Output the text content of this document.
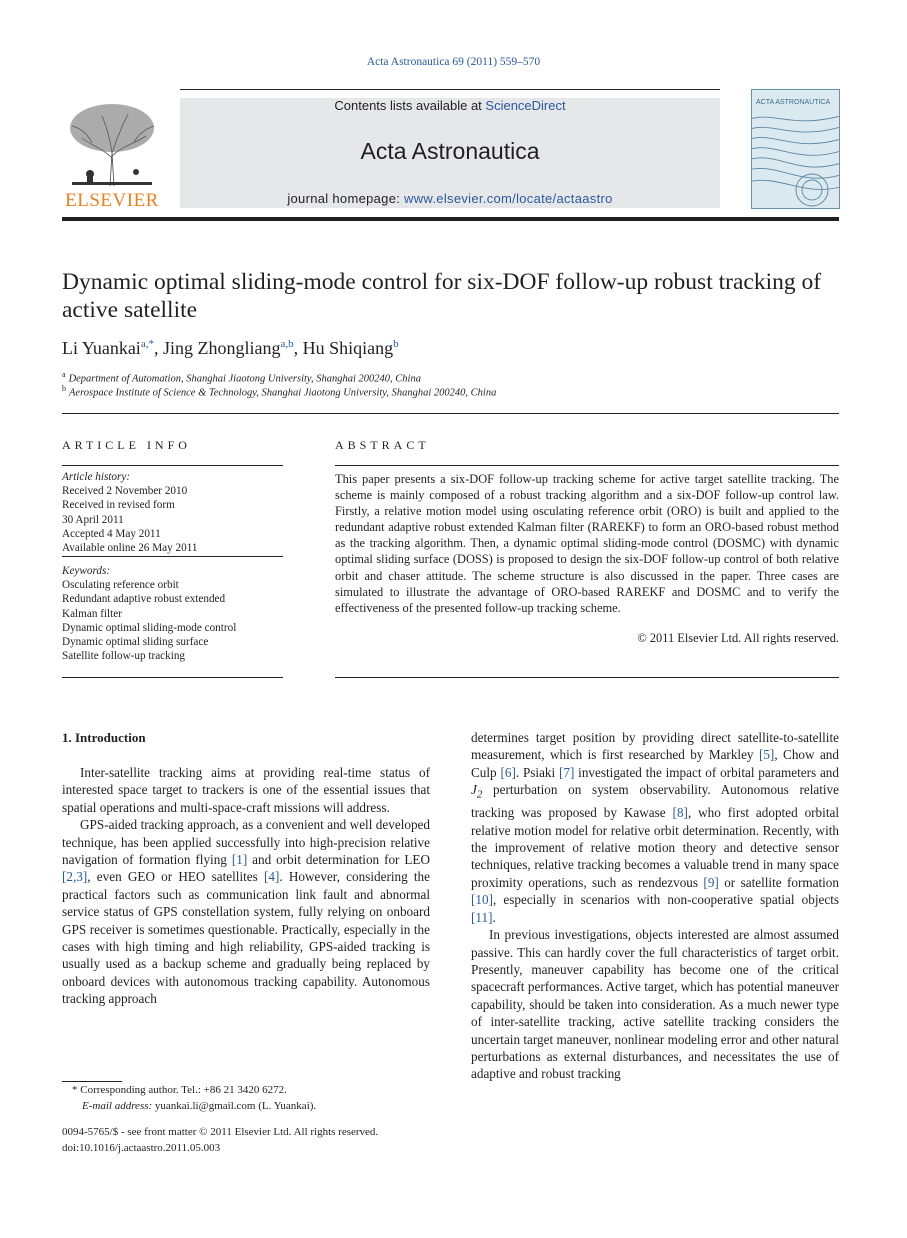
Acta Astronautica 69 (2011) 559–570
ELSEVIER
Contents lists available at ScienceDirect
Acta Astronautica
journal homepage: www.elsevier.com/locate/actaastro
ACTA ASTRONAUTICA
Dynamic optimal sliding-mode control for six-DOF follow-up robust tracking of active satellite
Li Yuankai$^{a,*}$, Jing Zhongliang$^{a,b}$, Hu Shiqiang$^b$
$^a$ Department of Automation, Shanghai Jiaotong University, Shanghai 200240, China
$^b$ Aerospace Institute of Science & Technology, Shanghai Jiaotong University, Shanghai 200240, China
ARTICLE INFO
Article history:
Received 2 November 2010
Received in revised form
30 April 2011
Accepted 4 May 2011
Available online 26 May 2011
Keywords:
Osculating reference orbit
Redundant adaptive robust extended
Kalman filter
Dynamic optimal sliding-mode control
Dynamic optimal sliding surface
Satellite follow-up tracking
ABSTRACT
This paper presents a six-DOF follow-up tracking scheme for active target satellite tracking. The scheme is mainly composed of a robust tracking algorithm and a six-DOF follow-up control law. Firstly, a relative motion model using osculating reference orbit (ORO) is built and applied to the redundant adaptive robust extended Kalman filter (RAREKF) to form an ORO-based robust method as the tracking algorithm. Then, a dynamic optimal sliding-mode control (DOSMC) with dynamic optimal sliding surface (DOSS) is proposed to design the six-DOF follow-up control of both relative orbit and chaser attitude. The scheme structure is also discussed in the paper. Three cases are simulated to illustrate the advantage of ORO-based RAREKF and DOSMC and to verify the effectiveness of the presented follow-up tracking scheme.
© 2011 Elsevier Ltd. All rights reserved.
1. Introduction

Inter-satellite tracking aims at providing real-time status of interested space target to trackers is one of the essential issues that spatial operations and multi-space-craft missions will address.

GPS-aided tracking approach, as a convenient and well developed technique, has been applied successfully into high-precision relative navigation of formation flying [1] and orbit determination for LEO [2,3], even GEO or HEO satellites [4]. However, considering the practical factors such as communication link fault and abnormal service status of GPS constellation system, fully relying on onboard GPS receiver is sometimes questionable. Practically, especially in the cases with high timing and high reliability, GPS-aided tracking is usually used as a backup scheme and gradually being replaced by onboard devices with autonomous tracking capability. Autonomous tracking approach

determines target position by providing direct satellite-to-satellite measurement, which is first researched by Markley [5], Chow and Culp [6]. Psiaki [7] investigated the impact of orbital parameters and $J_2$ perturbation on system observability. Autonomous relative tracking was proposed by Kawase [8], who first adopted orbital relative motion model for relative orbit determination. Recently, with the improvement of relative motion theory and detective sensor techniques, relative tracking becomes a valuable trend in many space proximity operations, such as rendezvous [9] or satellite formation [10], especially in scenarios with non-cooperative spatial objects [11].

In previous investigations, objects interested are almost assumed passive. This can hardly cover the full characteristics of target orbit. Presently, maneuver capability has become one of the critical spacecraft performances. Active target, which has potential maneuver capability, should be taken into consideration. As a much newer type of inter-satellite tracking, active satellite tracking considers the uncertain target maneuver, nonlinear modeling error and other natural perturbations as external disturbances, and necessitates the use of adaptive and robust tracking

* Corresponding author. Tel.: +86 21 3420 6272.
E-mail address: yuankai.li@gmail.com (L. Yuankai).
0094-5765/$ - see front matter © 2011 Elsevier Ltd. All rights reserved.
doi:10.1016/j.actaastro.2011.05.003
